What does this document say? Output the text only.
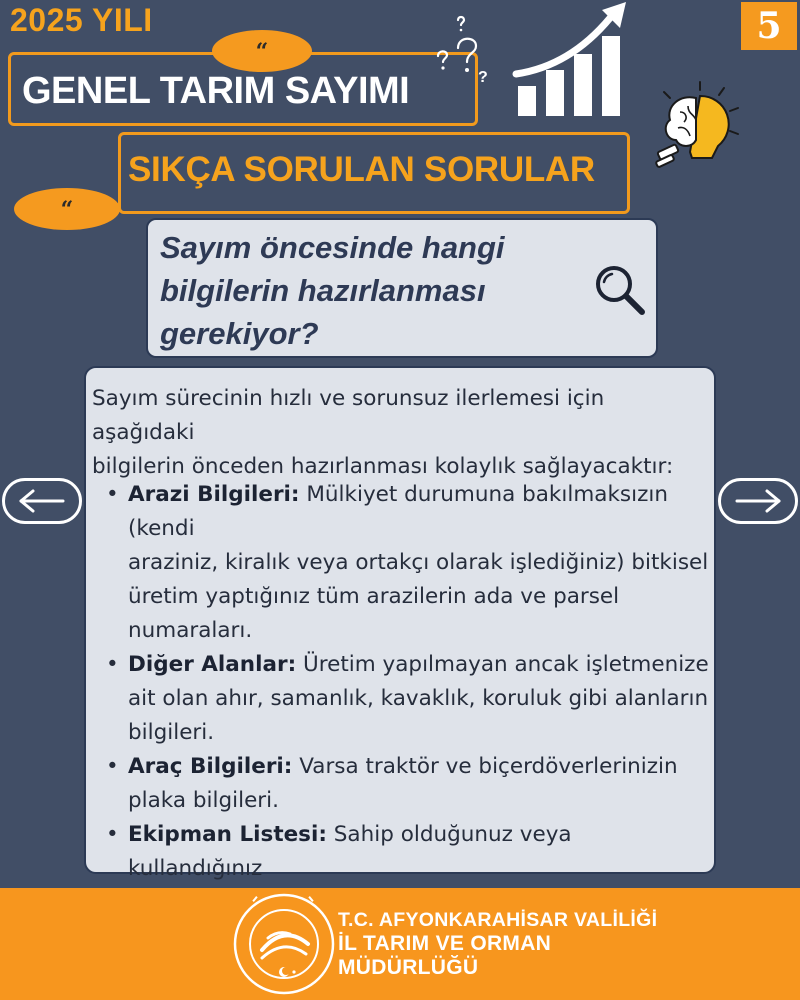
2025 YILI	5
“
“
GENEL TARIM SAYIMI
SIKÇA SORULAN SORULAR
?
Sayım öncesinde hangi
bilgilerin hazırlanması
gerekiyor?
Sayım sürecinin hızlı ve sorunsuz ilerlemesi için aşağıdaki
bilgilerin önceden hazırlanması kolaylık sağlayacaktır:
• Arazi Bilgileri: Mülkiyet durumuna bakılmaksızın (kendi
araziniz, kiralık veya ortakçı olarak işlediğiniz) bitkisel
üretim yaptığınız tüm arazilerin ada ve parsel
numaraları.
• Diğer Alanlar: Üretim yapılmayan ancak işletmenize
ait olan ahır, samanlık, kavaklık, koruluk gibi alanların
bilgileri.
• Araç Bilgileri: Varsa traktör ve biçerdöverlerinizin
plaka bilgileri.
• Ekipman Listesi: Sahip olduğunuz veya kullandığınız

T.C. AFYONKARAHİSAR VALİLİĞİ
İL TARIM VE ORMAN
MÜDÜRLÜĞÜ
